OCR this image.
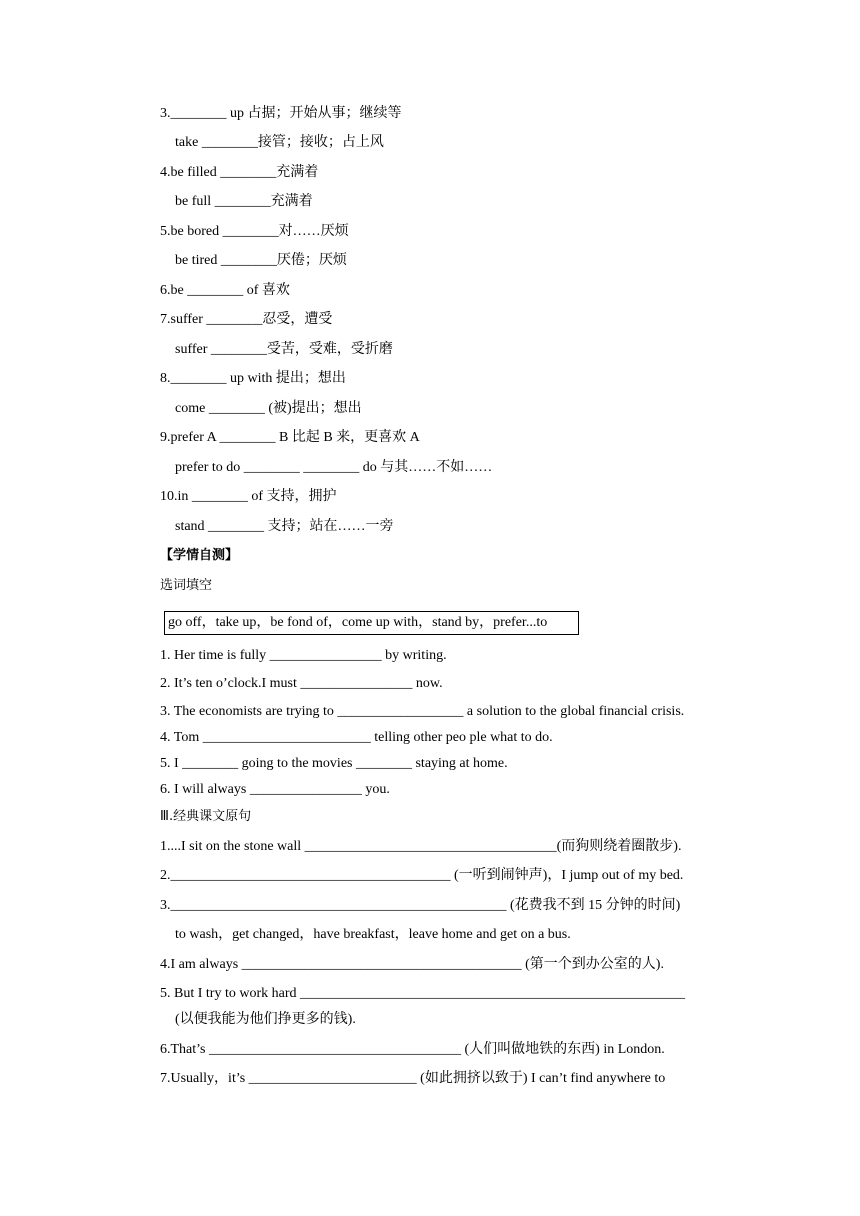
3.________ up 占据；开始从事；继续等
take ________接管；接收；占上风
4.be filled ________充满着
be full ________充满着
5.be bored ________对……厌烦
be tired ________厌倦；厌烦
6.be ________ of 喜欢
7.suffer ________忍受，遭受
suffer ________受苦，受难，受折磨
8.________ up with 提出；想出
come ________ (被)提出；想出
9.prefer A ________ B 比起 B 来，更喜欢 A
prefer to do ________ ________ do 与其……不如……
10.in ________ of 支持，拥护
stand ________ 支持；站在……一旁
【学情自测】
选词填空
go off，take up，be fond of，come up with，stand by，prefer...to
1. Her time is fully ________________ by writing.
2. It’s ten o’clock.I must ________________ now.
3. The economists are trying to __________________ a solution to the global financial crisis.
4. Tom ________________________ telling other peo ple what to do.
5. I ________ going to the movies ________ staying at home.
6. I will always ________________ you.
Ⅲ.经典课文原句
1....I sit on the stone wall ____________________________________(而狗则绕着圈散步).
2.________________________________________ (一听到闹钟声)，I jump out of my bed.
3.________________________________________________ (花费我不到 15 分钟的时间)
to wash，get changed，have breakfast，leave home and get on a bus.
4.I am always ________________________________________ (第一个到办公室的人).
5. But I try to work hard _______________________________________________________
(以便我能为他们挣更多的钱).
6.That’s ____________________________________ (人们叫做地铁的东西) in London.
7.Usually，it’s ________________________ (如此拥挤以致于) I can’t find anywhere to
